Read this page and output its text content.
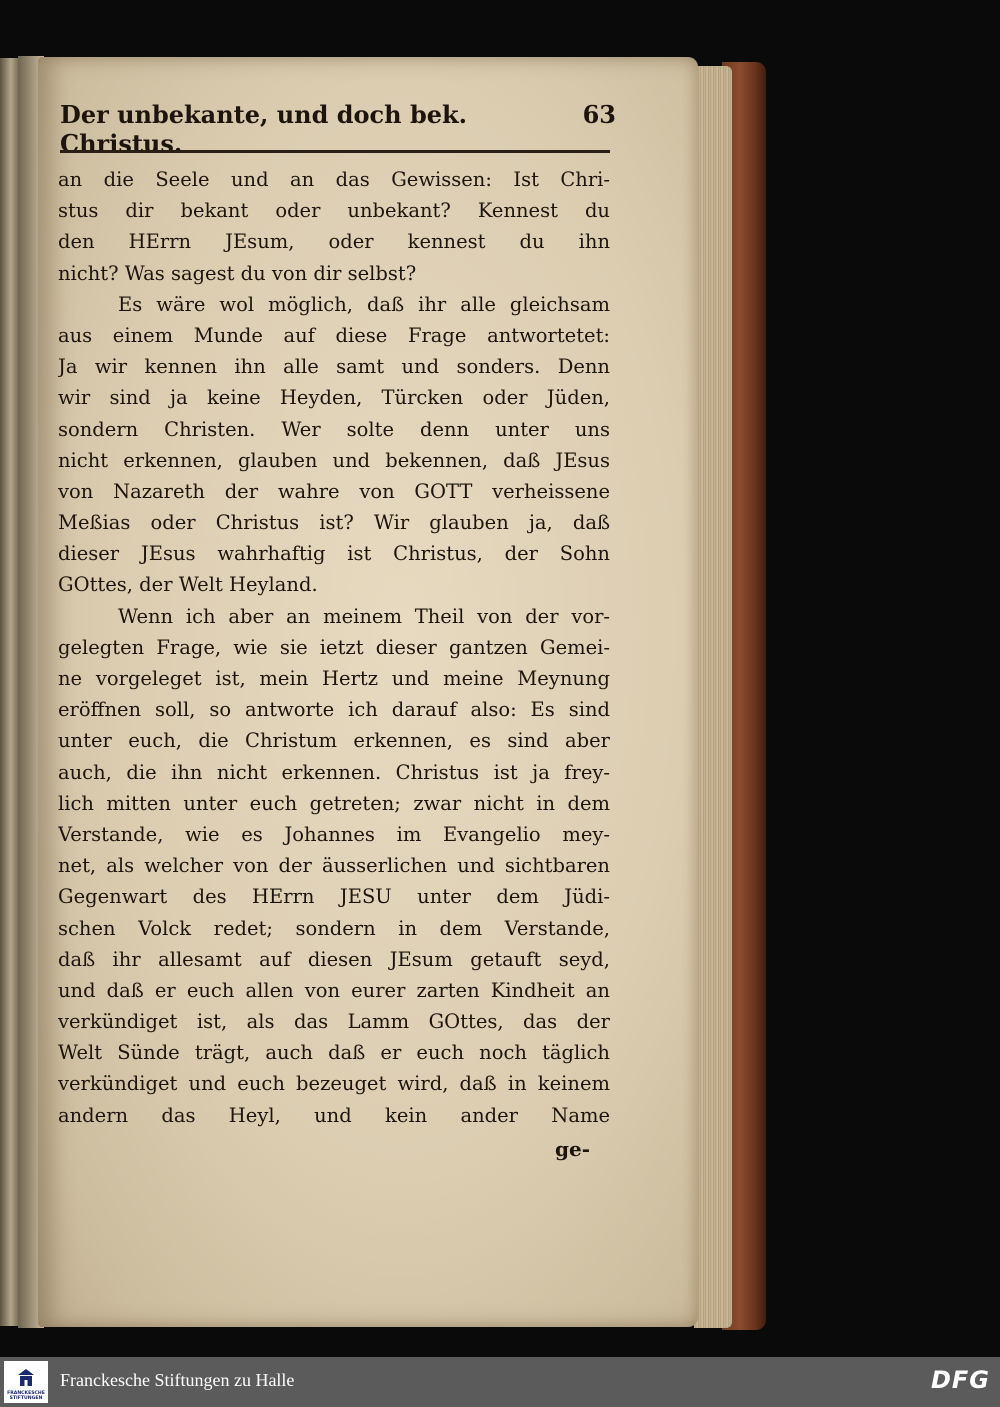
Der unbekante, und doch bek. Christus.
63
an die Seele und an das Gewissen: Ist Chri-
stus dir bekant oder unbekant? Kennest du
den HErrn JEsum, oder kennest du ihn
nicht? Was sagest du von dir selbst?
Es wäre wol möglich, daß ihr alle gleichsam
aus einem Munde auf diese Frage antwortetet:
Ja wir kennen ihn alle samt und sonders. Denn
wir sind ja keine Heyden, Türcken oder Jüden,
sondern Christen. Wer solte denn unter uns
nicht erkennen, glauben und bekennen, daß JEsus
von Nazareth der wahre von GOTT verheissene
Meßias oder Christus ist? Wir glauben ja, daß
dieser JEsus wahrhaftig ist Christus, der Sohn
GOttes, der Welt Heyland.
Wenn ich aber an meinem Theil von der vor-
gelegten Frage, wie sie ietzt dieser gantzen Gemei-
ne vorgeleget ist, mein Hertz und meine Meynung
eröffnen soll, so antworte ich darauf also: Es sind
unter euch, die Christum erkennen, es sind aber
auch, die ihn nicht erkennen. Christus ist ja frey-
lich mitten unter euch getreten; zwar nicht in dem
Verstande, wie es Johannes im Evangelio mey-
net, als welcher von der äusserlichen und sichtbaren
Gegenwart des HErrn JESU unter dem Jüdi-
schen Volck redet; sondern in dem Verstande,
daß ihr allesamt auf diesen JEsum getauft seyd,
und daß er euch allen von eurer zarten Kindheit an
verkündiget ist, als das Lamm GOttes, das der
Welt Sünde trägt, auch daß er euch noch täglich
verkündiget und euch bezeuget wird, daß in keinem
andern das Heyl, und kein ander Name
ge-
FRANCKESCHE
STIFTUNGEN
Franckesche Stiftungen zu Halle	DFG
